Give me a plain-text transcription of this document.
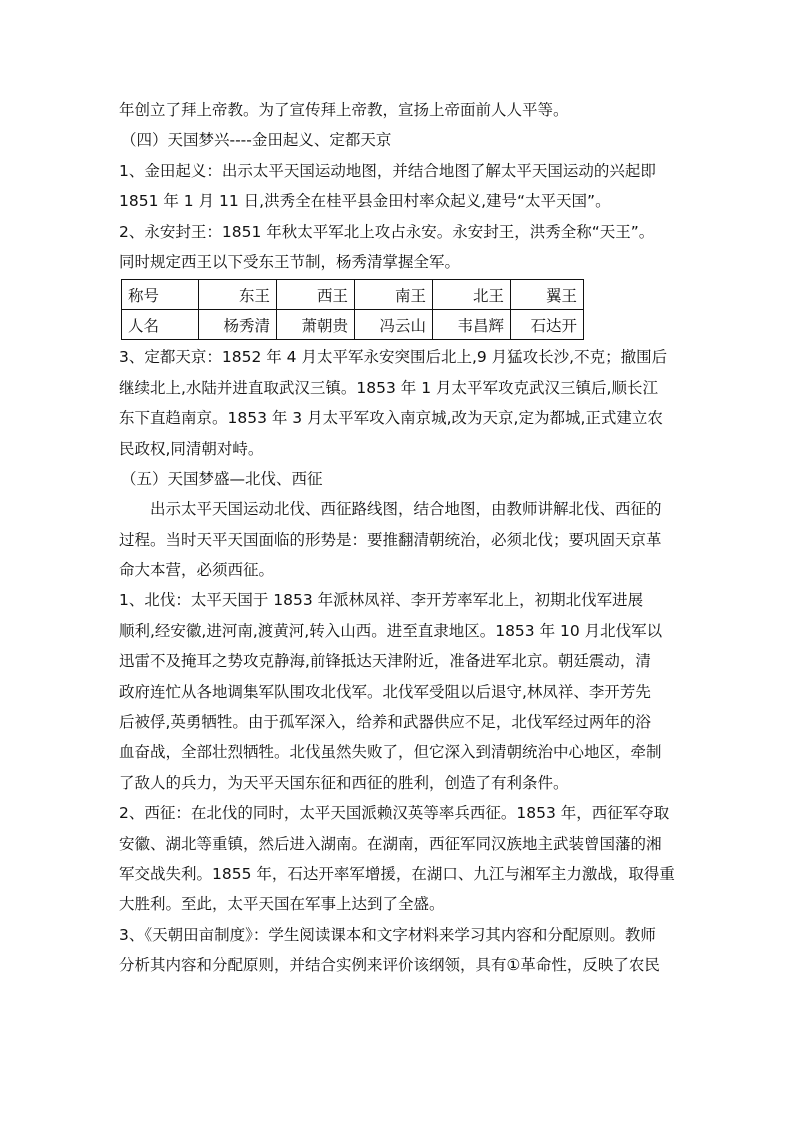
年创立了拜上帝教。为了宣传拜上帝教，宣扬上帝面前人人平等。
（四）天国梦兴----金田起义、定都天京
1、金田起义：出示太平天国运动地图，并结合地图了解太平天国运动的兴起即
1851 年 1 月 11 日,洪秀全在桂平县金田村率众起义,建号“太平天国”。
2、永安封王：1851 年秋太平军北上攻占永安。永安封王，洪秀全称“天王”。
同时规定西王以下受东王节制，杨秀清掌握全军。
称号	东王	西王	南王	北王	翼王
人名	杨秀清	萧朝贵	冯云山	韦昌辉	石达开
3、定都天京：1852 年 4 月太平军永安突围后北上,9 月猛攻长沙,不克；撤围后
继续北上,水陆并进直取武汉三镇。1853 年 1 月太平军攻克武汉三镇后,顺长江
东下直趋南京。1853 年 3 月太平军攻入南京城,改为天京,定为都城,正式建立农
民政权,同清朝对峙。
（五）天国梦盛—北伐、西征
出示太平天国运动北伐、西征路线图，结合地图，由教师讲解北伐、西征的
过程。当时天平天国面临的形势是：要推翻清朝统治，必须北伐；要巩固天京革
命大本营，必须西征。
1、北伐：太平天国于 1853 年派林凤祥、李开芳率军北上，初期北伐军进展
顺利,经安徽,进河南,渡黄河,转入山西。进至直隶地区。1853 年 10 月北伐军以
迅雷不及掩耳之势攻克静海,前锋抵达天津附近，准备进军北京。朝廷震动，清
政府连忙从各地调集军队围攻北伐军。北伐军受阻以后退守,林凤祥、李开芳先
后被俘,英勇牺牲。由于孤军深入，给养和武器供应不足，北伐军经过两年的浴
血奋战，全部壮烈牺牲。北伐虽然失败了，但它深入到清朝统治中心地区，牵制
了敌人的兵力，为天平天国东征和西征的胜利，创造了有利条件。
2、西征：在北伐的同时，太平天国派赖汉英等率兵西征。1853 年，西征军夺取
安徽、湖北等重镇，然后进入湖南。在湖南，西征军同汉族地主武装曾国藩的湘
军交战失利。1855 年，石达开率军增援，在湖口、九江与湘军主力激战，取得重
大胜利。至此，太平天国在军事上达到了全盛。
3、《天朝田亩制度》：学生阅读课本和文字材料来学习其内容和分配原则。教师
分析其内容和分配原则，并结合实例来评价该纲领，具有①革命性，反映了农民
